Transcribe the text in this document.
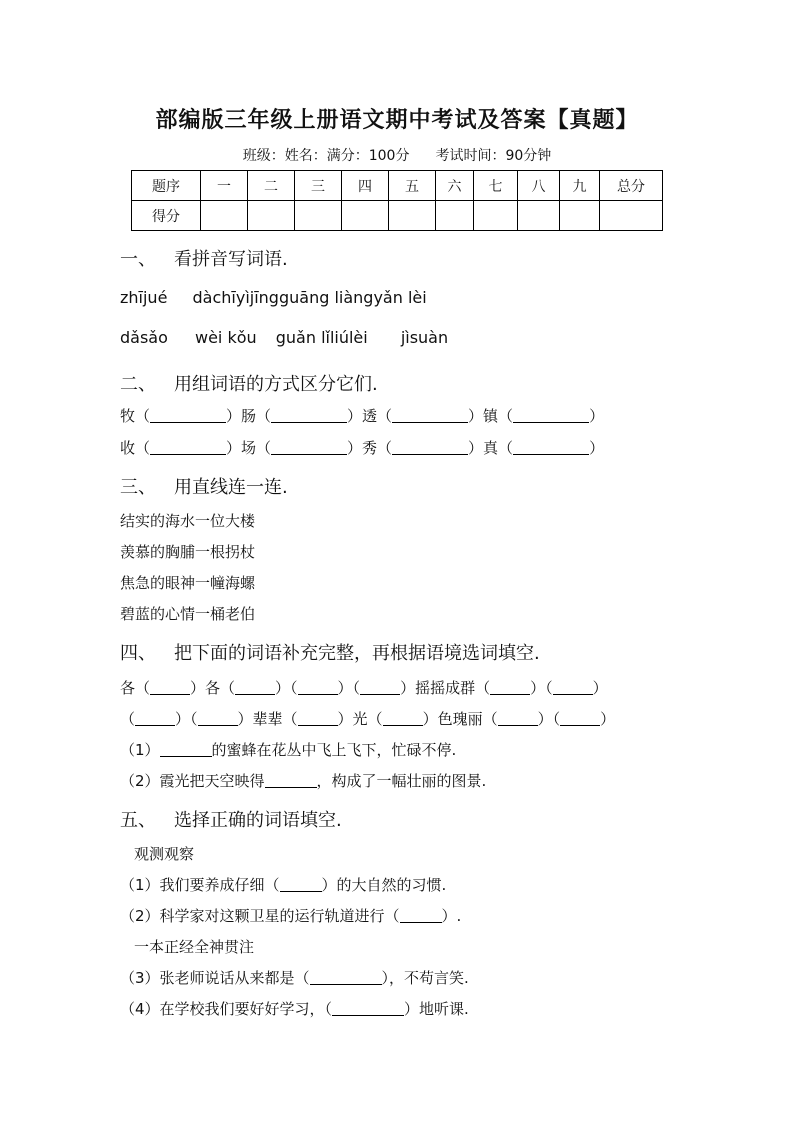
部编版三年级上册语文期中考试及答案【真题】
班级：姓名：满分：100分 考试时间：90分钟
题序	一	二	三	四	五	六	七	八	九	总分
得分										
一、 看拼音写词语.
zhījué dàchīyìjīngguāng liàngyǎn lèi
dǎsǎo wèi kǒu guǎn lǐliúlèi jìsuàn
二、 用组词语的方式区分它们.
牧（	）肠（	）透（	）镇（	）
收（	）场（	）秀（	）真（	）
三、 用直线连一连.
结实的海水一位大楼
羡慕的胸脯一根拐杖
焦急的眼神一幢海螺
碧蓝的心情一桶老伯
四、 把下面的词语补充完整，再根据语境选词填空.
各（	）各（	）（	）（	）摇摇成群（	）（	）
（	）（	）辈辈（	）光（	）色瑰丽（	）（	）
（1）	的蜜蜂在花丛中飞上飞下，忙碌不停.
（2）霞光把天空映得	，构成了一幅壮丽的图景.
五、 选择正确的词语填空.
观测观察
（1）我们要养成仔细（	）的大自然的习惯.
（2）科学家对这颗卫星的运行轨道进行（	）.
一本正经全神贯注
（3）张老师说话从来都是（	），不苟言笑.
（4）在学校我们要好好学习，（	）地听课.
